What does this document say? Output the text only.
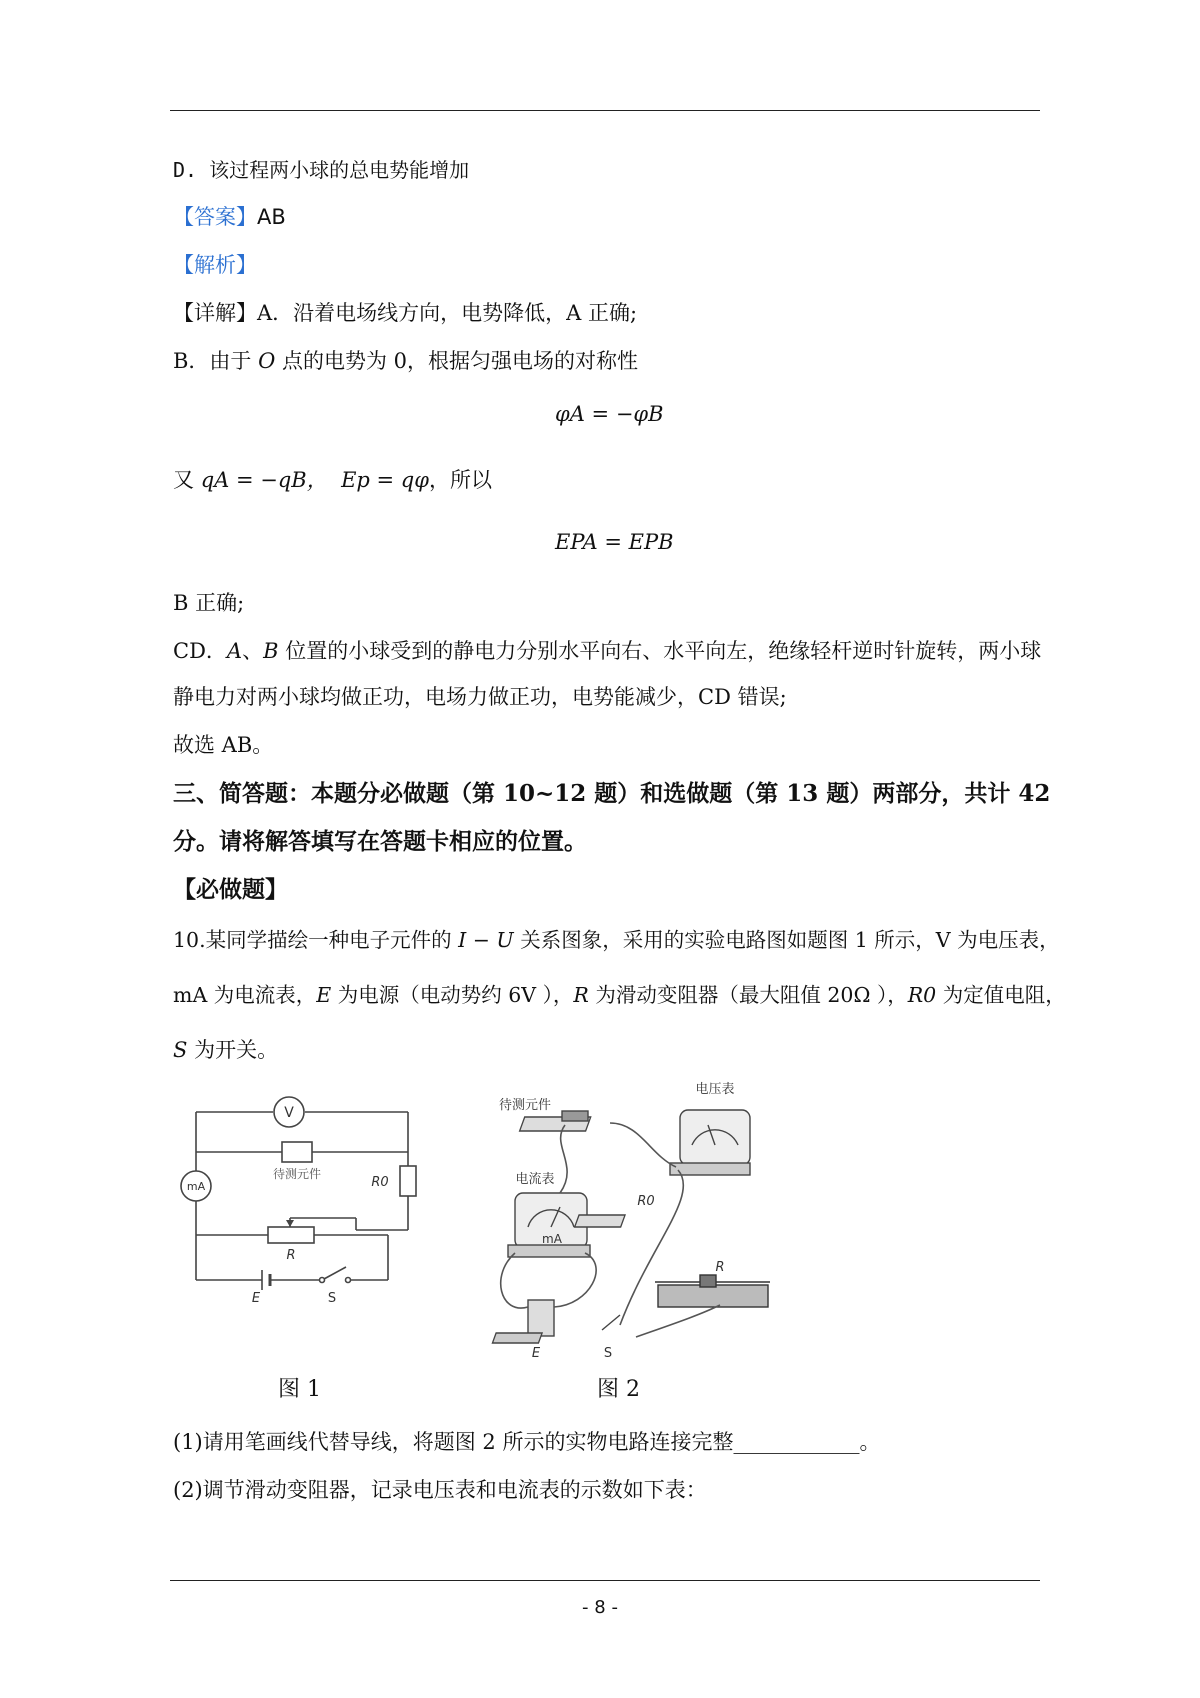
D. 该过程两小球的总电势能增加
【答案】AB
【解析】
【详解】A．沿着电场线方向，电势降低，A 正确;
B．由于 O 点的电势为 0，根据匀强电场的对称性
φA = −φB
又 qA = −qB， Ep = qφ，所以
EPA = EPB
B 正确;
CD．A、B 位置的小球受到的静电力分别水平向右、水平向左，绝缘轻杆逆时针旋转，两小球
静电力对两小球均做正功，电场力做正功，电势能减少，CD 错误;
故选 AB。
三、简答题：本题分必做题（第 10~12 题）和选做题（第 13 题）两部分，共计 42
分。请将解答填写在答题卡相应的位置。
【必做题】
10.某同学描绘一种电子元件的 I − U 关系图象，采用的实验电路图如题图 1 所示，V 为电压表，
mA 为电流表，E 为电源（电动势约 6V ），R 为滑动变阻器（最大阻值 20Ω ），R0 为定值电阻，
S 为开关。
V
mA
待测元件
R0
R
E	S
图 1
电压表
待测元件
电流表
mA
R0
R
E	S
图 2
(1)请用笔画线代替导线，将题图 2 所示的实物电路连接完整____________。
(2)调节滑动变阻器，记录电压表和电流表的示数如下表：
- 8 -
